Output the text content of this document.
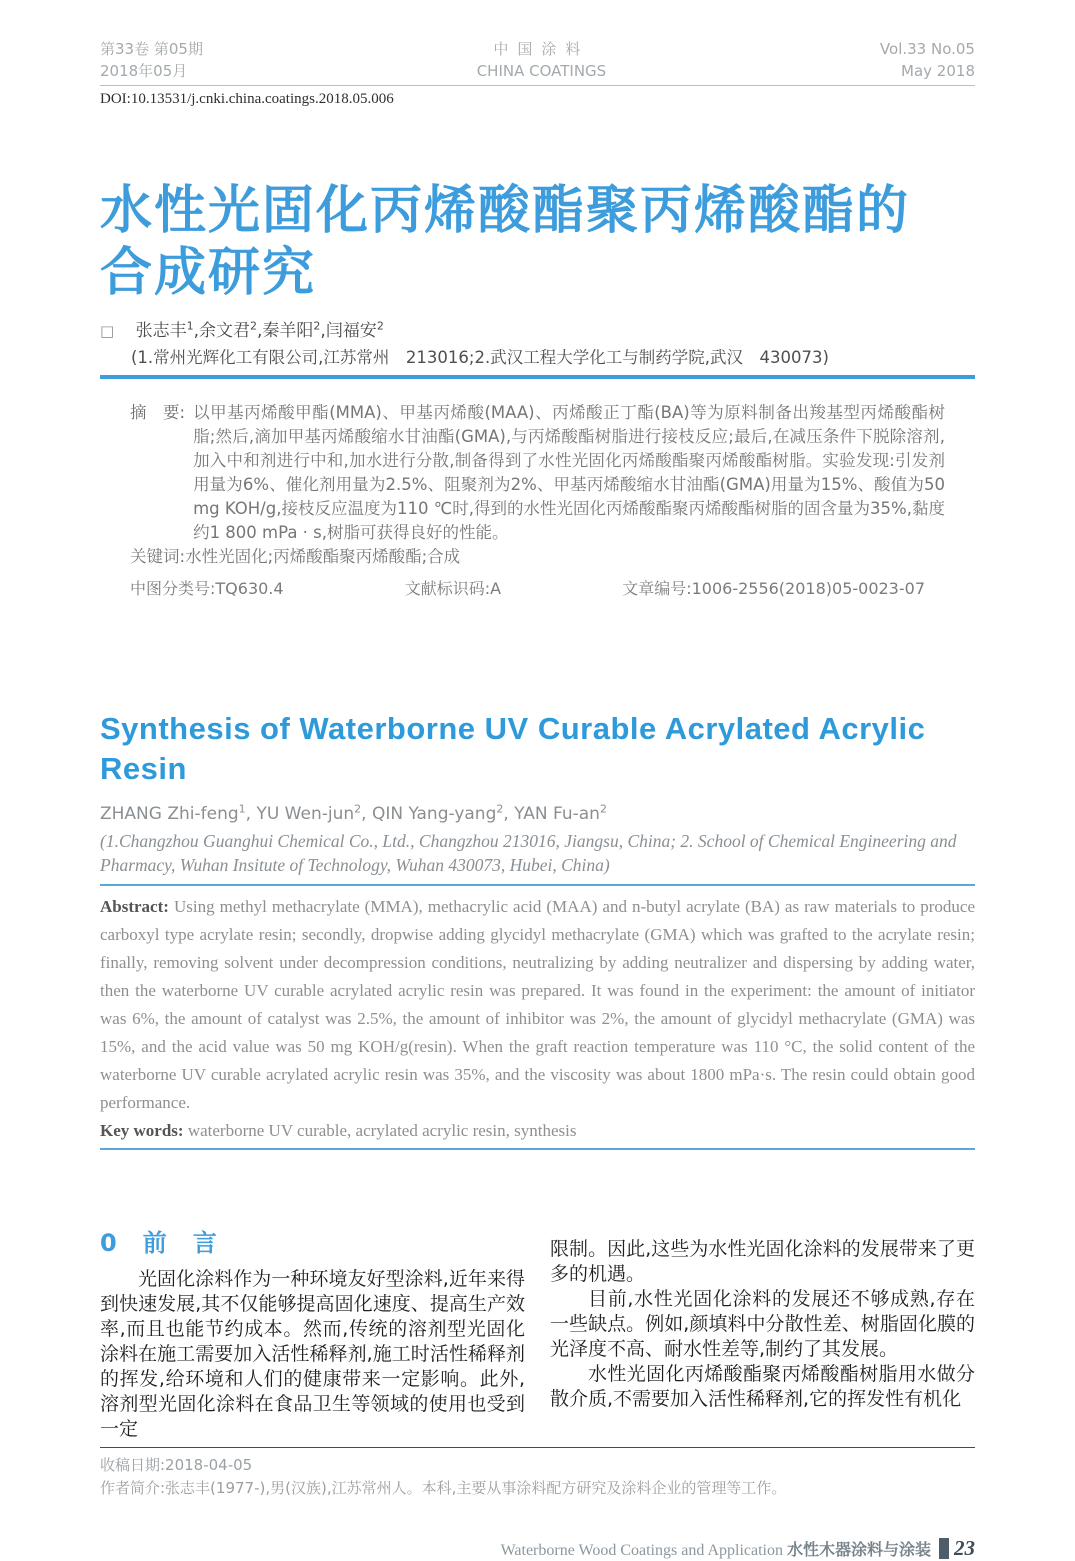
第33卷 第05期
2018年05月
中国涂料
CHINA COATINGS
Vol.33 No.05
May 2018
DOI:10.13531/j.cnki.china.coatings.2018.05.006
水性光固化丙烯酸酯聚丙烯酸酯的
合成研究
□ 张志丰$^1$,余文君$^2$,秦羊阳$^2$,闫福安$^2$
(1.常州光辉化工有限公司,江苏常州　213016;2.武汉工程大学化工与制药学院,武汉　430073)
摘　要: 以甲基丙烯酸甲酯(MMA)、甲基丙烯酸(MAA)、丙烯酸正丁酯(BA)等为原料制备出羧基型丙烯酸酯树脂;然后,滴加甲基丙烯酸缩水甘油酯(GMA),与丙烯酸酯树脂进行接枝反应;最后,在减压条件下脱除溶剂,加入中和剂进行中和,加水进行分散,制备得到了水性光固化丙烯酸酯聚丙烯酸酯树脂。实验发现:引发剂用量为6%、催化剂用量为2.5%、阻聚剂为2%、甲基丙烯酸缩水甘油酯(GMA)用量为15%、酸值为50 mg KOH/g,接枝反应温度为110 ℃时,得到的水性光固化丙烯酸酯聚丙烯酸酯树脂的固含量为35%,黏度约1 800 mPa · s,树脂可获得良好的性能。
关键词:水性光固化;丙烯酸酯聚丙烯酸酯;合成
中图分类号:TQ630.4	文献标识码:A	文章编号:1006-2556(2018)05-0023-07
Synthesis of Waterborne UV Curable Acrylated Acrylic Resin
ZHANG Zhi-feng$^1$, YU Wen-jun$^2$, QIN Yang-yang$^2$, YAN $Fu-an^2$
(1.Changzhou Guanghui Chemical Co., Ltd., Changzhou 213016, Jiangsu, China; 2. School of Chemical Engineering and Pharmacy, Wuhan Insitute of Technology, Wuhan 430073, Hubei, China)
Abstract: Using methyl methacrylate (MMA), methacrylic acid (MAA) and n-butyl acrylate (BA) as raw materials to produce carboxyl type acrylate resin; secondly, dropwise adding glycidyl methacrylate (GMA) which was grafted to the acrylate resin; finally, removing solvent under decompression conditions, neutralizing by adding neutralizer and dispersing by adding water, then the waterborne UV curable acrylated acrylic resin was prepared. It was found in the experiment: the amount of initiator was 6%, the amount of catalyst was 2.5%, the amount of inhibitor was 2%, the amount of glycidyl methacrylate (GMA) was 15%, and the acid value was 50 mg KOH/g(resin). When the graft reaction temperature was 110 °C, the solid content of the waterborne UV curable acrylated acrylic resin was 35%, and the viscosity was about 1800 mPa·s. The resin could obtain good performance.
Key words: waterborne UV curable, acrylated acrylic resin, synthesis
0 前 言

光固化涂料作为一种环境友好型涂料,近年来得到快速发展,其不仅能够提高固化速度、提高生产效率,而且也能节约成本。然而,传统的溶剂型光固化涂料在施工需要加入活性稀释剂,施工时活性稀释剂的挥发,给环境和人们的健康带来一定影响。此外,溶剂型光固化涂料在食品卫生等领域的使用也受到一定

限制。因此,这些为水性光固化涂料的发展带来了更多的机遇。

目前,水性光固化涂料的发展还不够成熟,存在一些缺点。例如,颜填料中分散性差、树脂固化膜的光泽度不高、耐水性差等,制约了其发展。

水性光固化丙烯酸酯聚丙烯酸酯树脂用水做分散介质,不需要加入活性稀释剂,它的挥发性有机化

收稿日期:2018-04-05
作者简介:张志丰(1977-),男(汉族),江苏常州人。本科,主要从事涂料配方研究及涂料企业的管理等工作。
Waterborne Wood Coatings and Application 水性木器涂料与涂装 23
